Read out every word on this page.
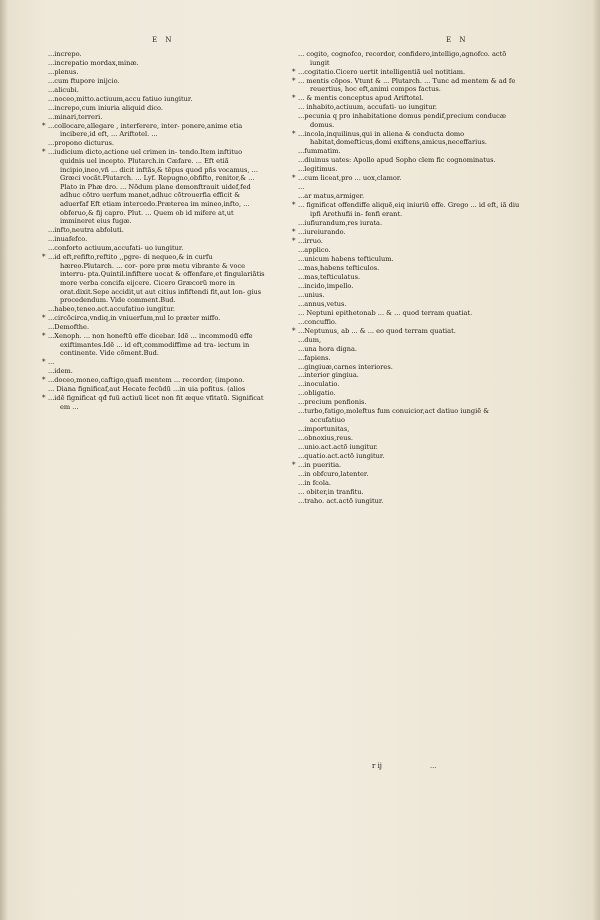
E N	E N
...increpo.
...increpatio mordax,minæ.
...plenus.
...cum ftupore inijcio.
...alicubi.
...noceo,mitto.actiuum,accu fatiuo iungitur.
...increpo,cum iniuria aliquid dico.
...minari,terreri.
* ...collocare,allegare , interferere, inter- ponere,anime etia incibere,id eft, ... Ariftotel. ...
...propono dicturus.
* ...iudicium dicto,actione uel crimen in- tendo.Item inftituo quidnis uel incepto. Plutarch.in Cæfare. ... Eft etiã incipio,ineo,vñ ... dicit inftãs,& tẽpus quod pñs vocamus, ... Græci vocãt.Plutarch. ... Lyf. Repugno,obfifto, renitor,& ... Plato in Phæ dro. ... Nõdum plane demonftrauit uidef,fed adhuc cõtro uerfum manet,adhuc cõtrouerfia efficit & aduerfaf Eft etiam intercedo.Præterea im mineo,infto, ... obferuo,& fij capro. Plut. ... Quem ob id mifere at,ut immineret eius fugæ.
...infto,neutra abfoluti.
...inuafefco.
...conforto actiuum,accufati- uo iungitur.
* ...id eft,refifto,reftito ,,pgre- di nequeo,& in curfu hæreo.Plutarch. ... cor- pore præ metu vibrante & voce interru- pta.Quintil.infiftere uocat & offenfare,et fingulariãtis more verba concifa eijcere. Cicero Græcorũ more in orat.dixit.Sepe accidit,ut aut citius infiftendi fit,aut lon- gius procedendum. Vide comment.Bud.
...habeo,teneo.act.accufatiuo iungitur.
* ...circõcirca,vndiq,in vniuerfum,nul lo præter miffo.
...Demofthe.
* ...Xenoph. ... non honeftũ effe dicebar. Idẽ ... incommodũ effe exiftimantes.Idẽ ... id eft,commodiffime ad tra- iectum in continente. Vide cõment.Bud.
* ...
...idem.
* ...doceo,moneo,caftigo,quafi mentem ... recordor, (impono.
... Diana fignificaf,aut Hecate fecũdũ ...in uia pofitus. (alios
* ...idẽ fignificat qđ fuũ actiuũ licet non fit æque vfitatũ. Significat em ...
... cogito, cognofco, recordor, confidero,intelligo,agnofco. actõ iungit
* ...cogitatio.Cicero uertit intelligentiã uel notitiam.
* ... mentis cõpos. Vtunt & ... Plutarch. ... Tunc ad mentem & ad fe reuertius, hoc eft,animi compos factus.
* ... & mentis conceptus apud Ariftotel.
... inhabito,actiuum, accufati- uo iungitur.
...pecunia q pro inhabitatione domus pendif,precium conducæ domus.
* ...incola,inquilinus,qui in aliena & conducta domo habitat,domefticus,domi exiftens,amicus,neceffarius.
...fummatim.
...diuinus uates: Apollo apud Sopho clem fic cognominatus.
...legitimus.
* ...cum liceat,pro ... uox,clamor.
...
...ar matus,armiger.
* ... fignificat offendiffe aliquẽ,eiq iniuriũ effe. Grego ... id eft, iã diu ipfi Arethufii in- fenfi erant.
...iufiurandum,res iurata.
* ...iureiurando.
* ...irruo.
...applico.
...unicum habens tefticulum.
...mas,habens tefticulos.
...mas,tefticulatus.
...incido,impello.
...unius.
...annus,vetus.
... Neptuni epithetonab ... & ... quod terram quatiat.
...concuffio.
* ...Neptunus, ab ... & ... eo quod terram quatiat.
...dum,
...una hora digna.
...fapiens.
...gingiuæ,carnes interiores.
...interior gingiua.
...inoculatio.
...obligatio.
...precium penfionis.
...turbo,fatigo,moleftus fum conuicior,act datiuo iungiẽ & accufatiuo
...importunitas,
...obnoxius,reus.
...unio.act.actõ iungitur.
...quatio.act.actõ iungitur.
* ...in pueritia.
...in obfcuro,latenter.
...in fcola.
... obiter,in tranfitu.
...traho. act.actõ iungitur.
r ij	...
